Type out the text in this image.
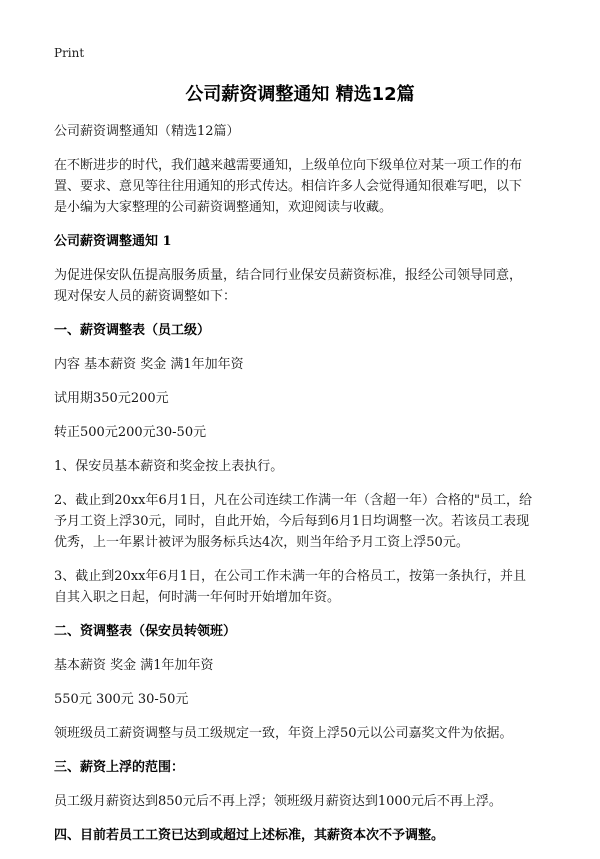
Print
公司薪资调整通知 精选12篇

公司薪资调整通知（精选12篇）

在不断进步的时代，我们越来越需要通知，上级单位向下级单位对某一项工作的布
置、要求、意见等往往用通知的形式传达。相信许多人会觉得通知很难写吧，以下
是小编为大家整理的公司薪资调整通知，欢迎阅读与收藏。

公司薪资调整通知 1

为促进保安队伍提高服务质量，结合同行业保安员薪资标准，报经公司领导同意，
现对保安人员的薪资调整如下：

一、薪资调整表（员工级）

内容 基本薪资 奖金 满1年加年资

试用期350元200元

转正500元200元30-50元

1、保安员基本薪资和奖金按上表执行。

2、截止到20xx年6月1日，凡在公司连续工作满一年（含超一年）合格的"员工，给
予月工资上浮30元，同时，自此开始，今后每到6月1日均调整一次。若该员工表现
优秀，上一年累计被评为服务标兵达4次，则当年给予月工资上浮50元。

3、截止到20xx年6月1日，在公司工作未满一年的合格员工，按第一条执行，并且
自其入职之日起，何时满一年何时开始增加年资。

二、资调整表（保安员转领班）

基本薪资 奖金 满1年加年资

550元 300元 30-50元

领班级员工薪资调整与员工级规定一致，年资上浮50元以公司嘉奖文件为依据。

三、薪资上浮的范围：

员工级月薪资达到850元后不再上浮；领班级月薪资达到1000元后不再上浮。

四、目前若员工工资已达到或超过上述标准，其薪资本次不予调整。
